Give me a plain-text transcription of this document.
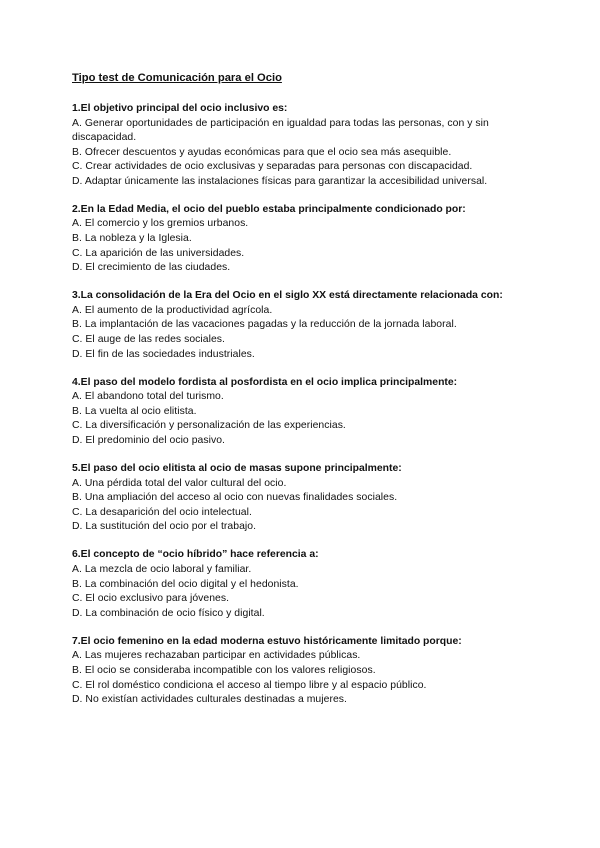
Tipo test de Comunicación para el Ocio

1.El objetivo principal del ocio inclusivo es:

A. Generar oportunidades de participación en igualdad para todas las personas, con y sin discapacidad.

B. Ofrecer descuentos y ayudas económicas para que el ocio sea más asequible.

C. Crear actividades de ocio exclusivas y separadas para personas con discapacidad.

D. Adaptar únicamente las instalaciones físicas para garantizar la accesibilidad universal.

2.En la Edad Media, el ocio del pueblo estaba principalmente condicionado por:

A. El comercio y los gremios urbanos.

B. La nobleza y la Iglesia.

C. La aparición de las universidades.

D. El crecimiento de las ciudades.

3.La consolidación de la Era del Ocio en el siglo XX está directamente relacionada con:

A. El aumento de la productividad agrícola.

B. La implantación de las vacaciones pagadas y la reducción de la jornada laboral.

C. El auge de las redes sociales.

D. El fin de las sociedades industriales.

4.El paso del modelo fordista al posfordista en el ocio implica principalmente:

A. El abandono total del turismo.

B. La vuelta al ocio elitista.

C. La diversificación y personalización de las experiencias.

D. El predominio del ocio pasivo.

5.El paso del ocio elitista al ocio de masas supone principalmente:

A. Una pérdida total del valor cultural del ocio.

B. Una ampliación del acceso al ocio con nuevas finalidades sociales.

C. La desaparición del ocio intelectual.

D. La sustitución del ocio por el trabajo.

6.El concepto de “ocio híbrido” hace referencia a:

A. La mezcla de ocio laboral y familiar.

B. La combinación del ocio digital y el hedonista.

C. El ocio exclusivo para jóvenes.

D. La combinación de ocio físico y digital.

7.El ocio femenino en la edad moderna estuvo históricamente limitado porque:

A. Las mujeres rechazaban participar en actividades públicas.

B. El ocio se consideraba incompatible con los valores religiosos.

C. El rol doméstico condiciona el acceso al tiempo libre y al espacio público.

D. No existían actividades culturales destinadas a mujeres.
